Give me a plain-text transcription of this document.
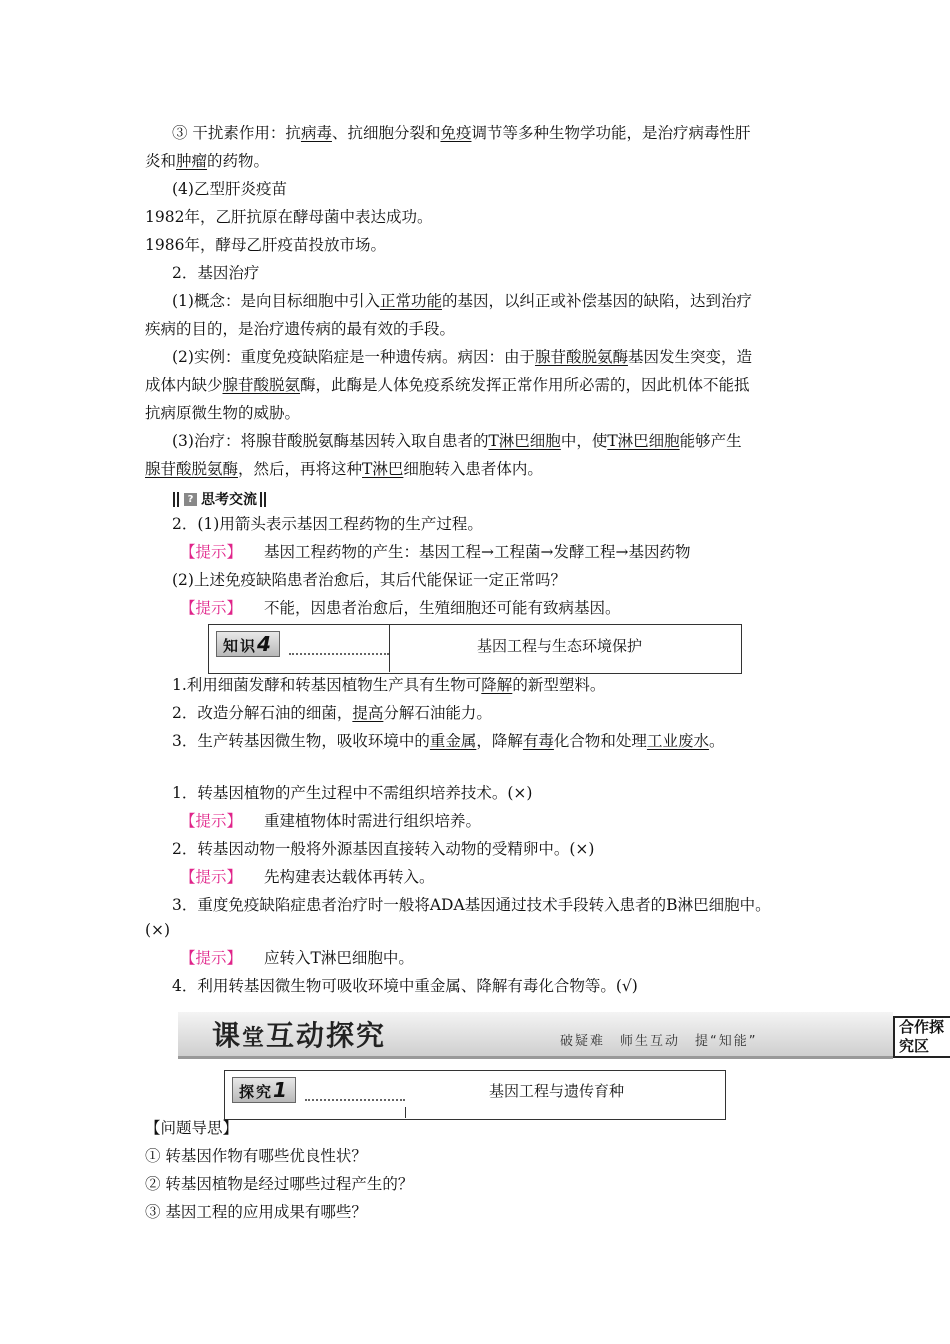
③ 干扰素作用：抗病毒、抗细胞分裂和免疫调节等多种生物学功能，是治疗病毒性肝
炎和肿瘤的药物。
(4)乙型肝炎疫苗
1982年，乙肝抗原在酵母菌中表达成功。
1986年，酵母乙肝疫苗投放市场。
2．基因治疗
(1)概念：是向目标细胞中引入正常功能的基因，以纠正或补偿基因的缺陷，达到治疗
疾病的目的，是治疗遗传病的最有效的手段。
(2)实例：重度免疫缺陷症是一种遗传病。病因：由于腺苷酸脱氨酶基因发生突变，造
成体内缺少腺苷酸脱氨酶，此酶是人体免疫系统发挥正常作用所必需的，因此机体不能抵
抗病原微生物的威胁。
(3)治疗：将腺苷酸脱氨酶基因转入取自患者的T淋巴细胞中，使T淋巴细胞能够产生
腺苷酸脱氨酶，然后，再将这种T淋巴细胞转入患者体内。
? 思考交流
2．(1)用箭头表示基因工程药物的生产过程。
【提示】 基因工程药物的产生：基因工程→工程菌→发酵工程→基因药物
(2)上述免疫缺陷患者治愈后，其后代能保证一定正常吗？
【提示】 不能，因患者治愈后，生殖细胞还可能有致病基因。
知识4	基因工程与生态环境保护
1.利用细菌发酵和转基因植物生产具有生物可降解的新型塑料。
2．改造分解石油的细菌，提高分解石油能力。
3．生产转基因微生物，吸收环境中的重金属，降解有毒化合物和处理工业废水。
1．转基因植物的产生过程中不需组织培养技术。(×)
【提示】 重建植物体时需进行组织培养。
2．转基因动物一般将外源基因直接转入动物的受精卵中。(×)
【提示】 先构建表达载体再转入。
3．重度免疫缺陷症患者治疗时一般将ADA基因通过技术手段转入患者的B淋巴细胞中。
(×)
【提示】 应转入T淋巴细胞中。
4．利用转基因微生物可吸收环境中重金属、降解有毒化合物等。(√)
课堂互动探究	破疑难　师生互动　提“知能”
合作探
究区
探究1	基因工程与遗传育种
【问题导思】
① 转基因作物有哪些优良性状？
② 转基因植物是经过哪些过程产生的？
③ 基因工程的应用成果有哪些？
